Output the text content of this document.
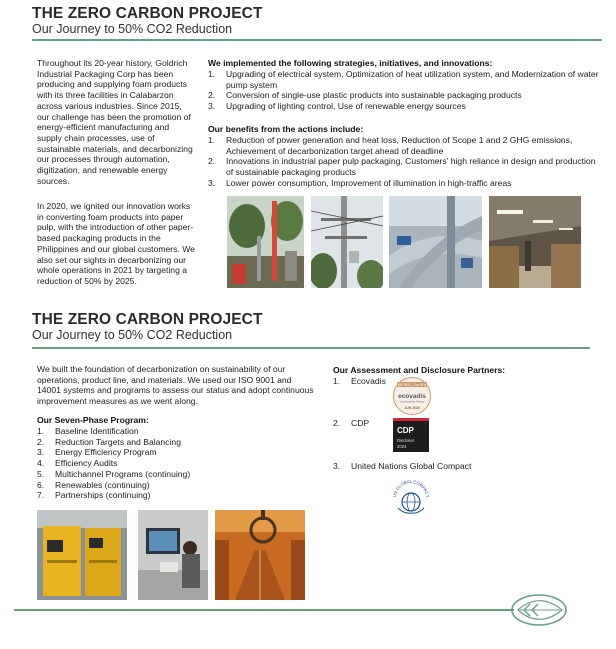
THE ZERO CARBON PROJECT
Our Journey to 50% CO2 Reduction
Throughout its 20-year history, Goldrich Industrial Packaging Corp has been producing and supplying foam products with its three facilities in Calabarzon across various industries. Since 2015, our challenge has been the promotion of energy-efficient manufacturing and supply chain processes, use of sustainable materials, and decarbonizing our processes through automation, digitization, and renewable energy sources.
In 2020, we ignited our innovation works in converting foam products into paper pulp, with the introduction of other paper-based packaging products in the Philippines and our global customers. We also set our sights in decarbonizing our whole operations in 2021 by targeting a reduction of 50% by 2025.
We implemented the following strategies, initiatives, and innovations:
1. Upgrading of electrical system, Optimization of heat utilization system, and Modernization of water pump system
2. Conversion of single-use plastic products into sustainable packaging products
3. Upgrading of lighting control, Use of renewable energy sources
Our benefits from the actions include:
1. Reduction of power generation and heat loss, Reduction of Scope 1 and 2 GHG emissions, Achievement of decarbonization target ahead of deadline
2. Innovations in industrial paper pulp packaging, Customers' high reliance in design and production of sustainable packaging products
3. Lower power consumption, Improvement of illumination in high-traffic areas
THE ZERO CARBON PROJECT
Our Journey to 50% CO2 Reduction
We built the foundation of decarbonization on sustainability of our operations, product line, and materials. We used our ISO 9001 and 14001 systems and programs to assess our status and adopt continuous improvement measures as we went along.
Our Seven-Phase Program:
1. Baseline Identification
2. Reduction Targets and Balancing
3. Energy Efficiency Program
4. Efficiency Audits
5. Multichannel Programs (continuing)
6. Renewables (continuing)
7. Partnerships (continuing)
Our Assessment and Disclosure Partners:
1. Ecovadis
2. CDP
3. United Nations Global Compact
BRONZE | Top 50%
ecovadis
Sustainability Rating
JUN 2025
CDP
Discloser
2024
UN GLOBAL COMPACT
